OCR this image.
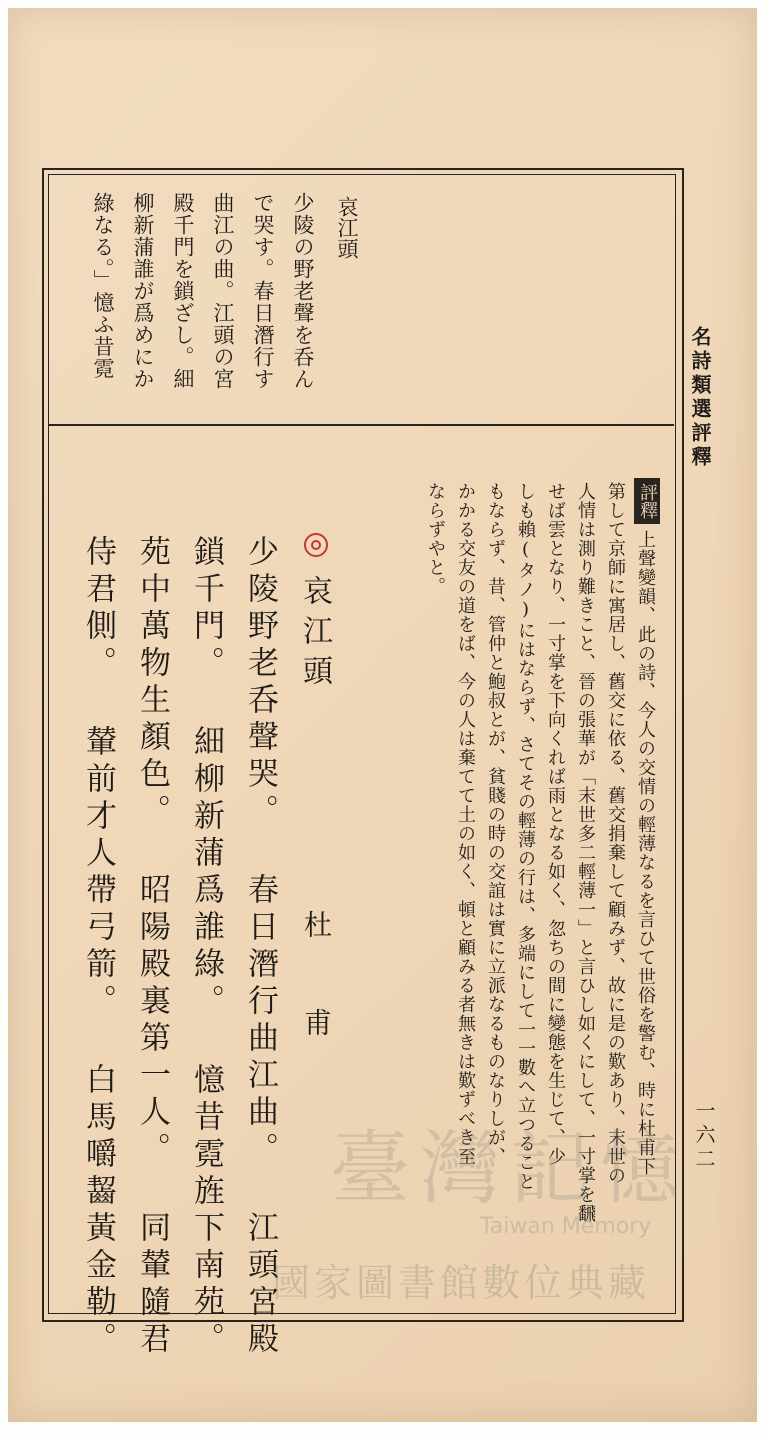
名詩類選評釋
一六二
哀江頭
少陵の野老聲を呑ん
で哭す。春日潛行す
曲江の曲。江頭の宮
殿千門を鎖ざし。細
柳新蒲誰が爲めにか
綠なる。」憶ふ昔霓
評釋
上聲變韻、此の詩、今人の交情の輕薄なるを言ひて世俗を警む、時に杜甫下
第して京師に寓居し、舊交に依る、舊交捐棄して顧みず、故に是の歎あり、末世の
人情は測り難きこと、晉の張華が「末世多二輕薄一」と言ひし如くにして、一寸掌を飜
せば雲となり、一寸掌を下向くれば雨となる如く、忽ちの間に變態を生じて、少
しも賴(タノ)にはならず、さてその輕薄の行は、多端にして一一數へ立つること
もならず、昔、管仲と鮑叔とが、貧賤の時の交誼は實に立派なるものなりしが、
かかる交友の道をば、今の人は棄てて土の如く、頓と顧みる者無きは歎ずべき至
ならずやと。
哀江頭
杜甫
少陵野老呑聲哭。 春日潛行曲江曲。 江頭宮殿
鎖千門。 細柳新蒲爲誰綠。 憶昔霓旌下南苑。
苑中萬物生顏色。 昭陽殿裏第一人。 同輦隨君
侍君側。 輦前才人帶弓箭。 白馬嚼齧黃金勒。	臺灣記憶
Taiwan Memory
國家圖書館數位典藏
